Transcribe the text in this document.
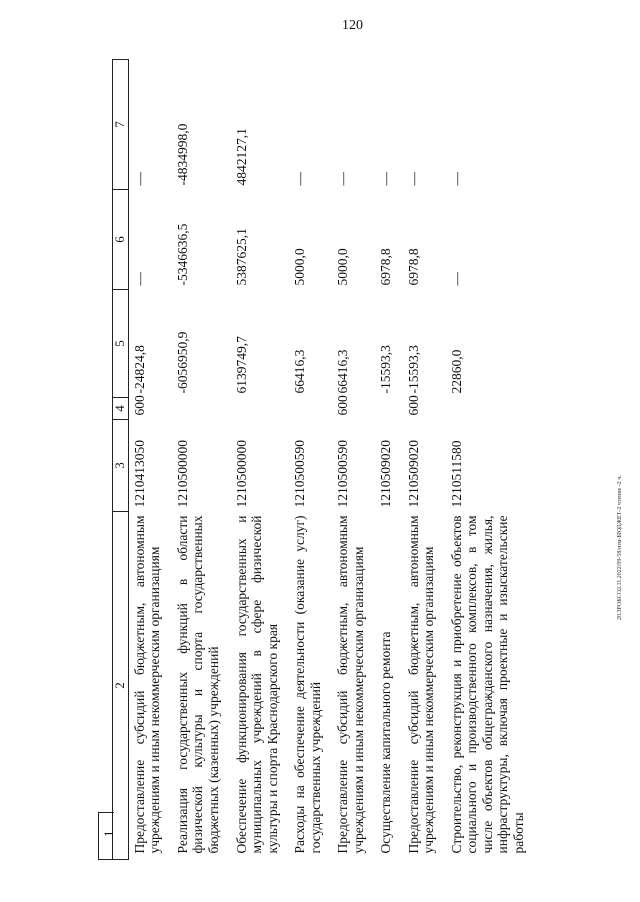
120
20.ЗРОБСО2.11.2022/09-58/изм-БЮДЖЕТ-2 чтение -2 ч.
2	3	4	5	6	7
Предоставление субсидий бюджетным, автономным учреждениям и иным некоммерческим организациям	1210413050	600	-24824,8	—	—
Реализация государственных функций в области физической культуры и спорта государственных бюджетных (казенных) учреждений	1210500000		-6056950,9	-5346636,5	-4834998,0
Обеспечение функционирования государственных и муниципальных учреждений в сфере физической культуры и спорта Краснодарского края	1210500000		6139749,7	5387625,1	4842127,1
Расходы на обеспечение деятельности (оказание услуг) государственных учреждений	1210500590		66416,3	5000,0	—
Предоставление субсидий бюджетным, автономным учреждениям и иным некоммерческим организациям	1210500590	600	66416,3	5000,0	—
Осуществление капитального ремонта	1210509020		-15593,3	6978,8	—
Предоставление субсидий бюджетным, автономным учреждениям и иным некоммерческим организациям	1210509020	600	-15593,3	6978,8	—
Строительство, реконструкция и приобретение объектов социального и производственного комплексов, в том числе объектов общегражданского назначения, жилья, инфраструктуры, включая проектные и изыскательские работы	1210511580		22860,0	—	—
1
